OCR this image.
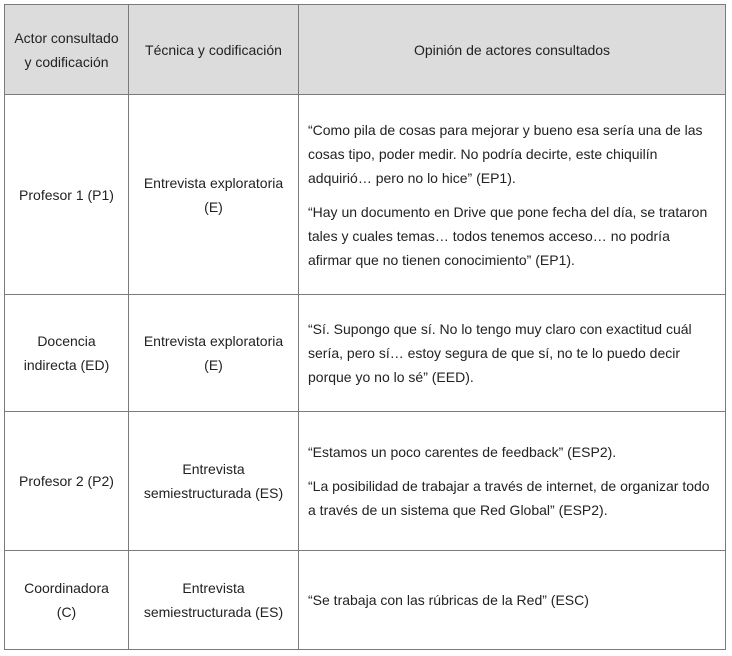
Actor consultado y codificación	Técnica y codificación	Opinión de actores consultados

Profesor 1 (P1)	Entrevista exploratoria (E)	“Como pila de cosas para mejorar y bueno esa sería una de las cosas tipo, poder medir. No podría decirte, este chiquilín adquirió… pero no lo hice” (EP1).

“Hay un documento en Drive que pone fecha del día, se trataron tales y cuales temas… todos tenemos acceso… no podría afirmar que no tienen conocimiento” (EP1).

Docencia indirecta (ED)	Entrevista exploratoria (E)	“Sí. Supongo que sí. No lo tengo muy claro con exactitud cuál sería, pero sí… estoy segura de que sí, no te lo puedo decir porque yo no lo sé” (EED).

Profesor 2 (P2)	Entrevista semiestructurada (ES)	“Estamos un poco carentes de feedback” (ESP2).

“La posibilidad de trabajar a través de internet, de organizar todo a través de un sistema que Red Global” (ESP2).

Coordinadora (C)	Entrevista semiestructurada (ES)	“Se trabaja con las rúbricas de la Red” (ESC)
